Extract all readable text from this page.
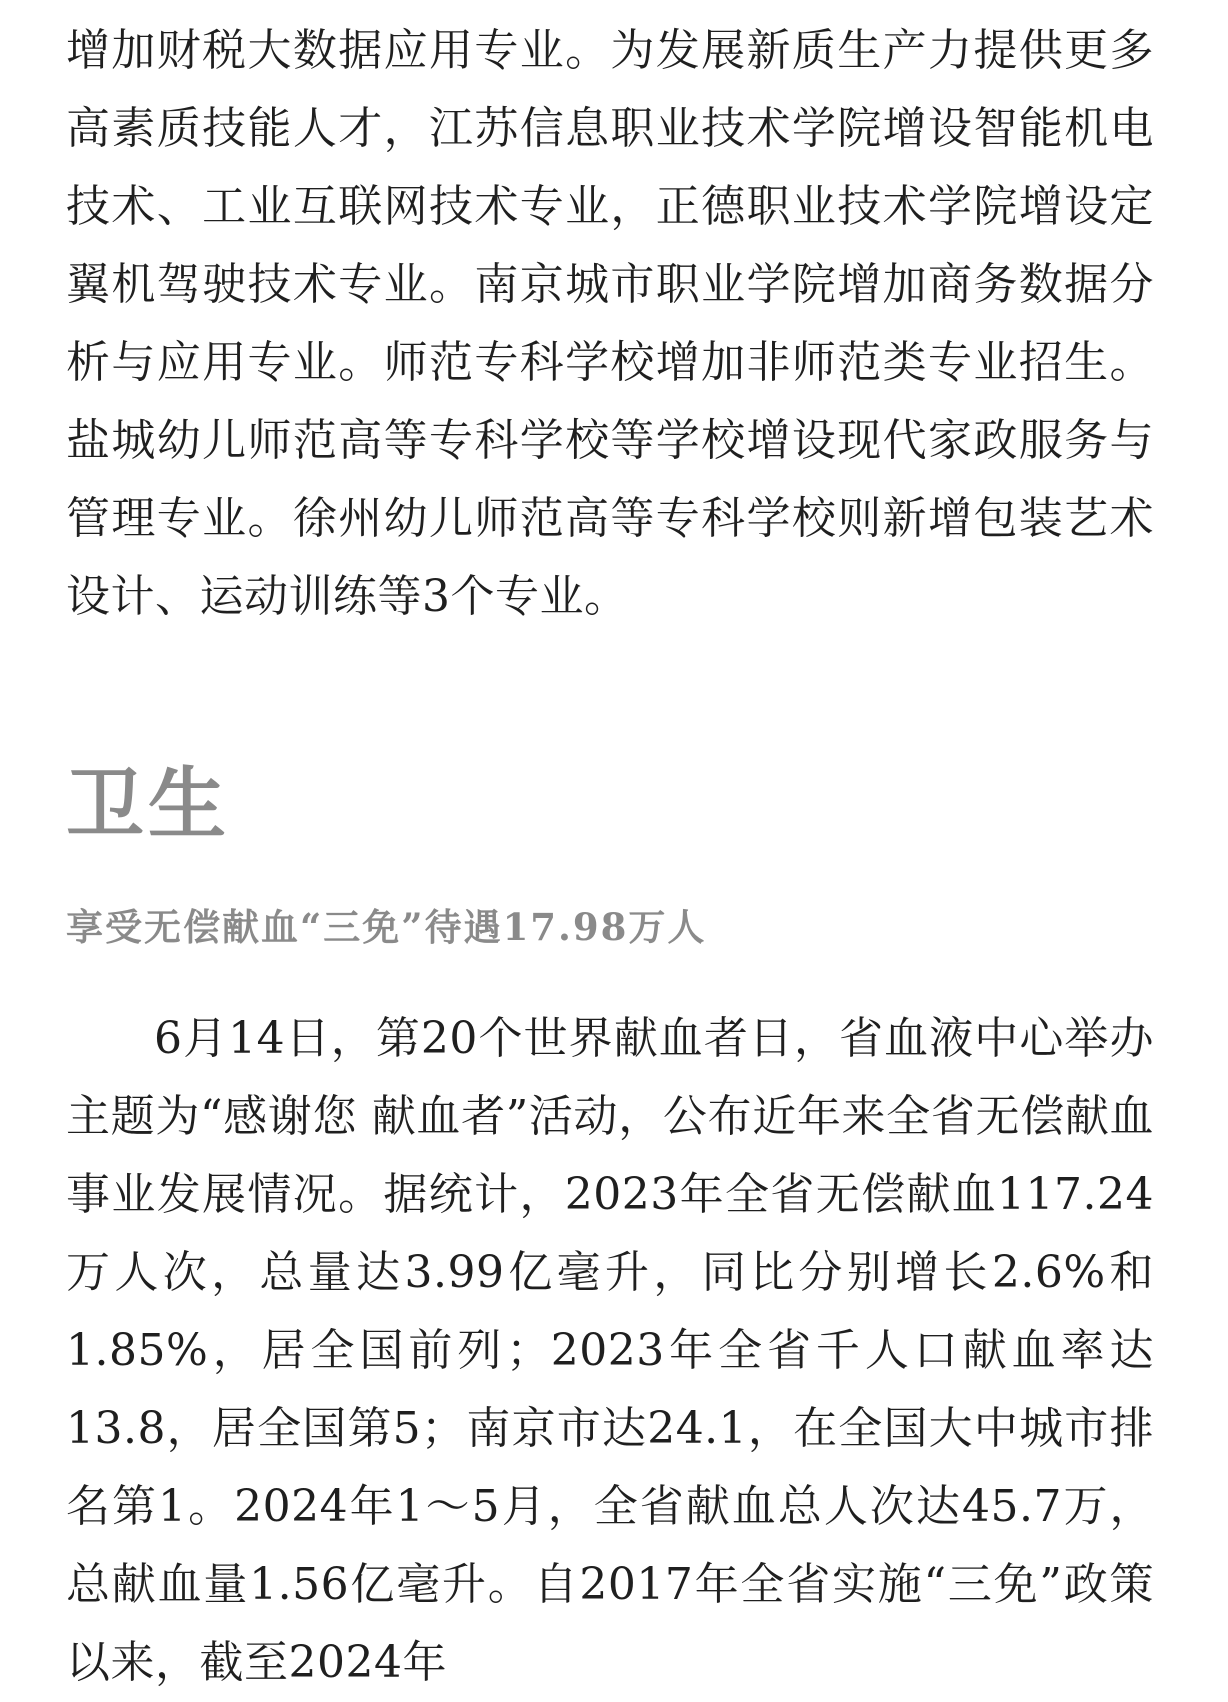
增加财税大数据应用专业。为发展新质生产力提供更多高素质技能人才，江苏信息职业技术学院增设智能机电技术、工业互联网技术专业，正德职业技术学院增设定翼机驾驶技术专业。南京城市职业学院增加商务数据分析与应用专业。师范专科学校增加非师范类专业招生。盐城幼儿师范高等专科学校等学校增设现代家政服务与管理专业。徐州幼儿师范高等专科学校则新增包装艺术设计、运动训练等3个专业。

卫生
享受无偿献血“三免”待遇17.98万人

6月14日，第20个世界献血者日，省血液中心举办主题为“感谢您 献血者”活动，公布近年来全省无偿献血事业发展情况。据统计，2023年全省无偿献血117.24万人次，总量达3.99亿毫升，同比分别增长2.6%和1.85%，居全国前列；2023年全省千人口献血率达13.8，居全国第5；南京市达24.1，在全国大中城市排名第1。2024年1～5月，全省献血总人次达45.7万，总献血量1.56亿毫升。自2017年全省实施“三免”政策以来，截至2024年
